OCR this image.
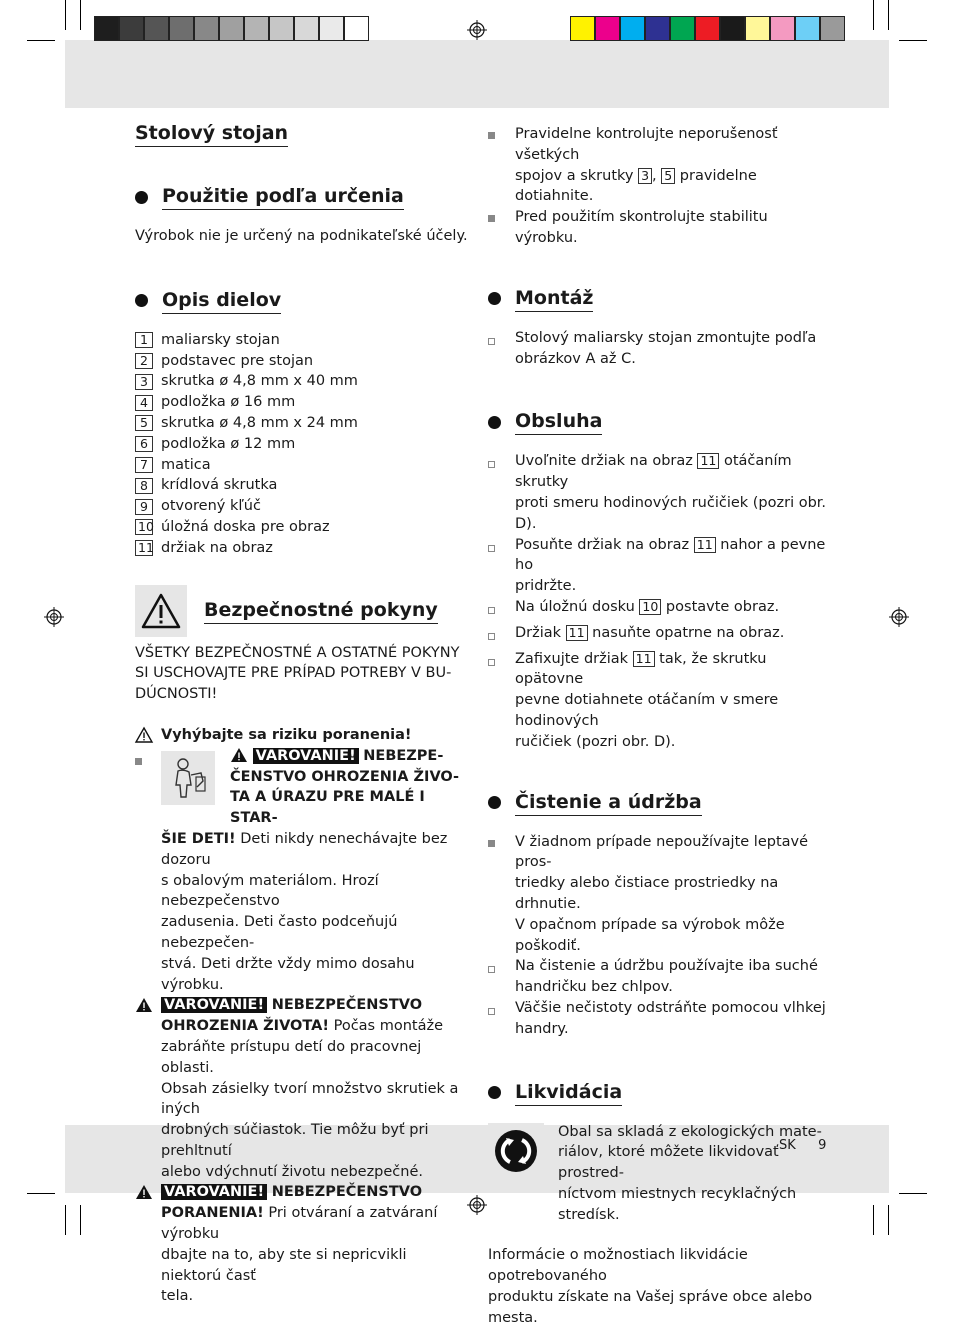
Stolový stojan
Použitie podľa určenia
Výrobok nie je určený na podnikateľské účely.
Opis dielov
1 maliarsky stojan
2 podstavec pre stojan
3 skrutka ø 4,8 mm x 40 mm
4 podložka ø 16 mm
5 skrutka ø 4,8 mm x 24 mm
6 podložka ø 12 mm
7 matica
8 krídlová skrutka
9 otvorený kľúč
10 úložná doska pre obraz
11 držiak na obraz
Bezpečnostné pokyny
VŠETKY BEZPEČNOSTNÉ A OSTATNÉ POKYNY
SI USCHOVAJTE PRE PRÍPAD POTREBY V BU-
DÚCNOSTI!
Vyhýbajte sa riziku poranenia!
VAROVANIE! NEBEZPE-
ČENSTVO OHROZENIA ŽIVO-
TA A ÚRAZU PRE MALÉ I STAR-
ŠIE DETI! Deti nikdy nenechávajte bez dozoru
s obalovým materiálom. Hrozí nebezpečenstvo
zadusenia. Deti často podceňujú nebezpečen-
stvá. Deti držte vždy mimo dosahu výrobku.
VAROVANIE! NEBEZPEČENSTVO
OHROZENIA ŽIVOTA! Počas montáže
zabráňte prístupu detí do pracovnej oblasti.
Obsah zásielky tvorí množstvo skrutiek a iných
drobných súčiastok. Tie môžu byť pri prehltnutí
alebo vdýchnutí životu nebezpečné.
VAROVANIE! NEBEZPEČENSTVO
PORANENIA! Pri otváraní a zatváraní výrobku
dbajte na to, aby ste si nepricvikli niektorú časť
tela.
Pravidelne kontrolujte neporušenosť všetkých
spojov a skrutky 3 , 5 pravidelne dotiahnite.
Pred použitím skontrolujte stabilitu výrobku.
Montáž
Stolový maliarsky stojan zmontujte podľa
obrázkov A až C.
Obsluha
Uvoľnite držiak na obraz 11 otáčaním skrutky
proti smeru hodinových ručičiek (pozri obr. D).
Posuňte držiak na obraz 11 nahor a pevne ho
pridržte.
Na úložnú dosku 10 postavte obraz.
Držiak 11 nasuňte opatrne na obraz.
Zafixujte držiak 11 tak, že skrutku opätovne
pevne dotiahnete otáčaním v smere hodinových
ručičiek (pozri obr. D).
Čistenie a údržba
V žiadnom prípade nepoužívajte leptavé pros-
triedky alebo čistiace prostriedky na drhnutie.
V opačnom prípade sa výrobok môže poškodiť.
Na čistenie a údržbu používajte iba suché
handričku bez chlpov.
Väčšie nečistoty odstráňte pomocou vlhkej
handry.
Likvidácia
Obal sa skladá z ekologických mate-
riálov, ktoré môžete likvidovať prostred-
níctvom miestnych recyklačných stredísk.
Informácie o možnostiach likvidácie opotrebovaného
produktu získate na Vašej správe obce alebo mesta.
SK 9
